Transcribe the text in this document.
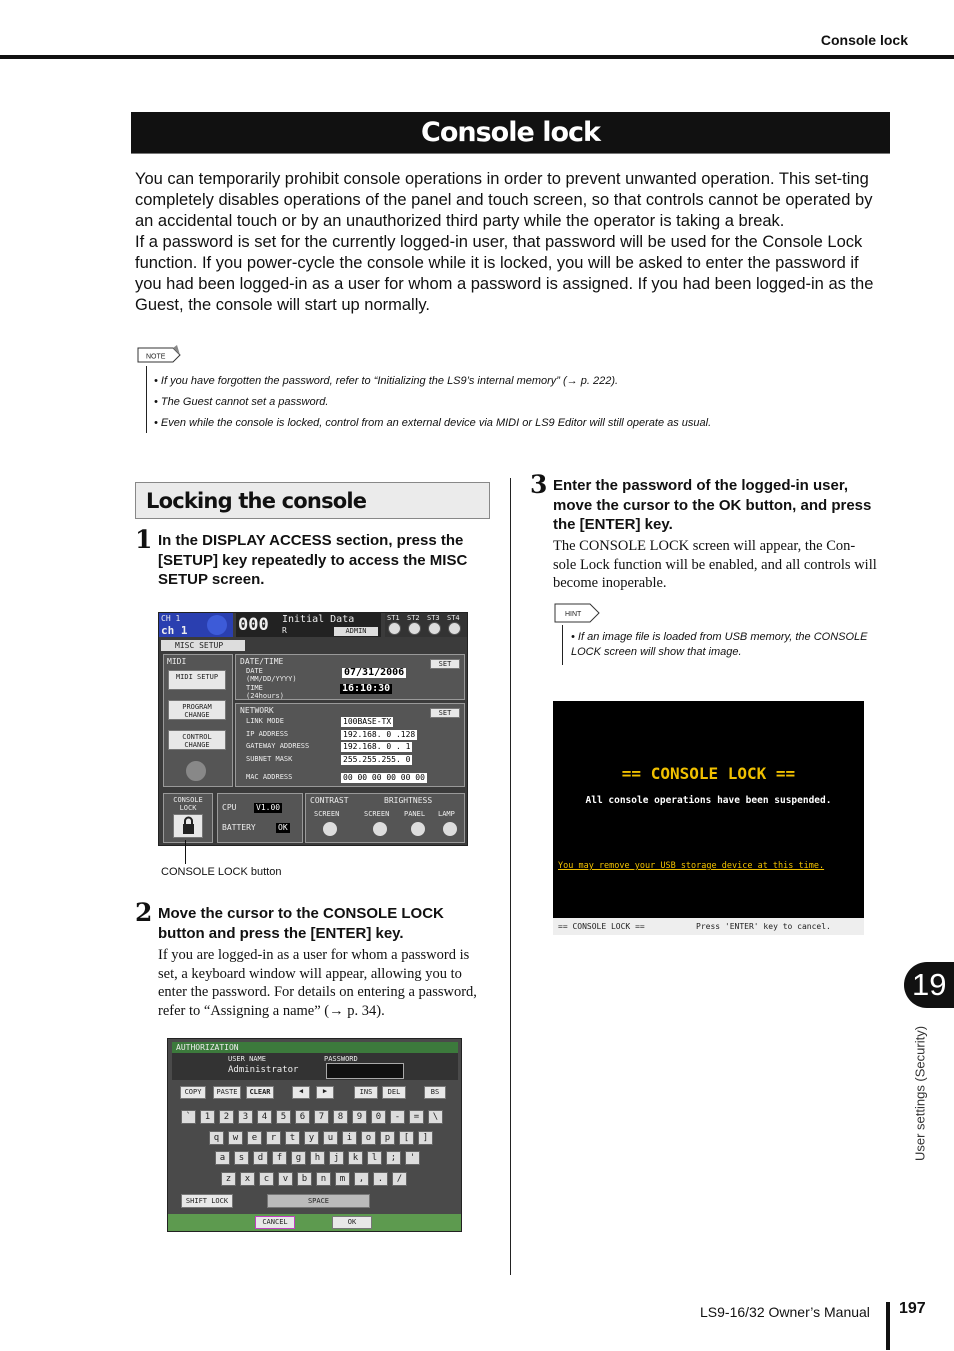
Console lock
Console lock

You can temporarily prohibit console operations in order to prevent unwanted operation. This set-ting completely disables operations of the panel and touch screen, so that controls cannot be operated by an accidental touch or by an unauthorized third party while the operator is taking a break.

If a password is set for the currently logged-in user, that password will be used for the Console Lock function. If you power-cycle the console while it is locked, you will be asked to enter the password if you had been logged-in as a user for whom a password is assigned. If you had been logged-in as the Guest, the console will start up normally.

NOTE
• If you have forgotten the password, refer to “Initializing the LS9’s internal memory” (→ p. 222).
• The Guest cannot set a password.
• Even while the console is locked, control from an external device via MIDI or LS9 Editor will still operate as usual.
Locking the console
1 In the DISPLAY ACCESS section, press the [SETUP] key repeatedly to access the MISC SETUP screen.
CH 1
ch 1	000 Initial Data
R	ADMIN
ST1 ST2 ST3 ST4
MISC SETUP
MIDI
MIDI SETUP
PROGRAM CHANGE
CONTROL CHANGE
DATE/TIME
DATE
(MM/DD/YYYY)
TIME
(24hours)
07/31/2006
16:10:30
SET
NETWORK	SET
LINK MODE	100BASE-TX
IP ADDRESS	192.168. 0 .128
GATEWAY ADDRESS	192.168. 0 . 1
SUBNET MASK	255.255.255. 0
MAC ADDRESS	00 00 00 00 00 00
CONSOLE LOCK	CPU V1.00
BATTERY	OK
CONTRAST	BRIGHTNESS
SCREEN	SCREEN PANEL LAMP
CONSOLE LOCK button
2 Move the cursor to the CONSOLE LOCK button and press the [ENTER] key.
If you are logged-in as a user for whom a password is set, a keyboard window will appear, allowing you to enter the password. For details on entering a password, refer to “Assigning a name” (→ p. 34).
AUTHORIZATION
USER NAME	PASSWORD
Administrator
COPY	PASTE	CLEAR	◀	▶	INS	DEL	BS
`	1	2	3	4	5	6	7	8	9	0	-	=	\
q	w	e	r	t	y	u	i	o	p	[	]
a	s	d	f	g	h	j	k	l	;	'
z	x	c	v	b	n	m	,	.	/
SHIFT LOCK	SPACE
CANCEL	OK
3 Enter the password of the logged-in user, move the cursor to the OK button, and press the [ENTER] key.
The CONSOLE LOCK screen will appear, the Con-sole Lock function will be enabled, and all controls will become inoperable.
HINT
• If an image file is loaded from USB memory, the CONSOLE LOCK screen will show that image.
== CONSOLE LOCK ==
All console operations have been suspended.
You may remove your USB storage device at this time.
== CONSOLE LOCK ==	Press 'ENTER' key to cancel.
19
User settings (Security)
LS9-16/32 Owner’s Manual 197
